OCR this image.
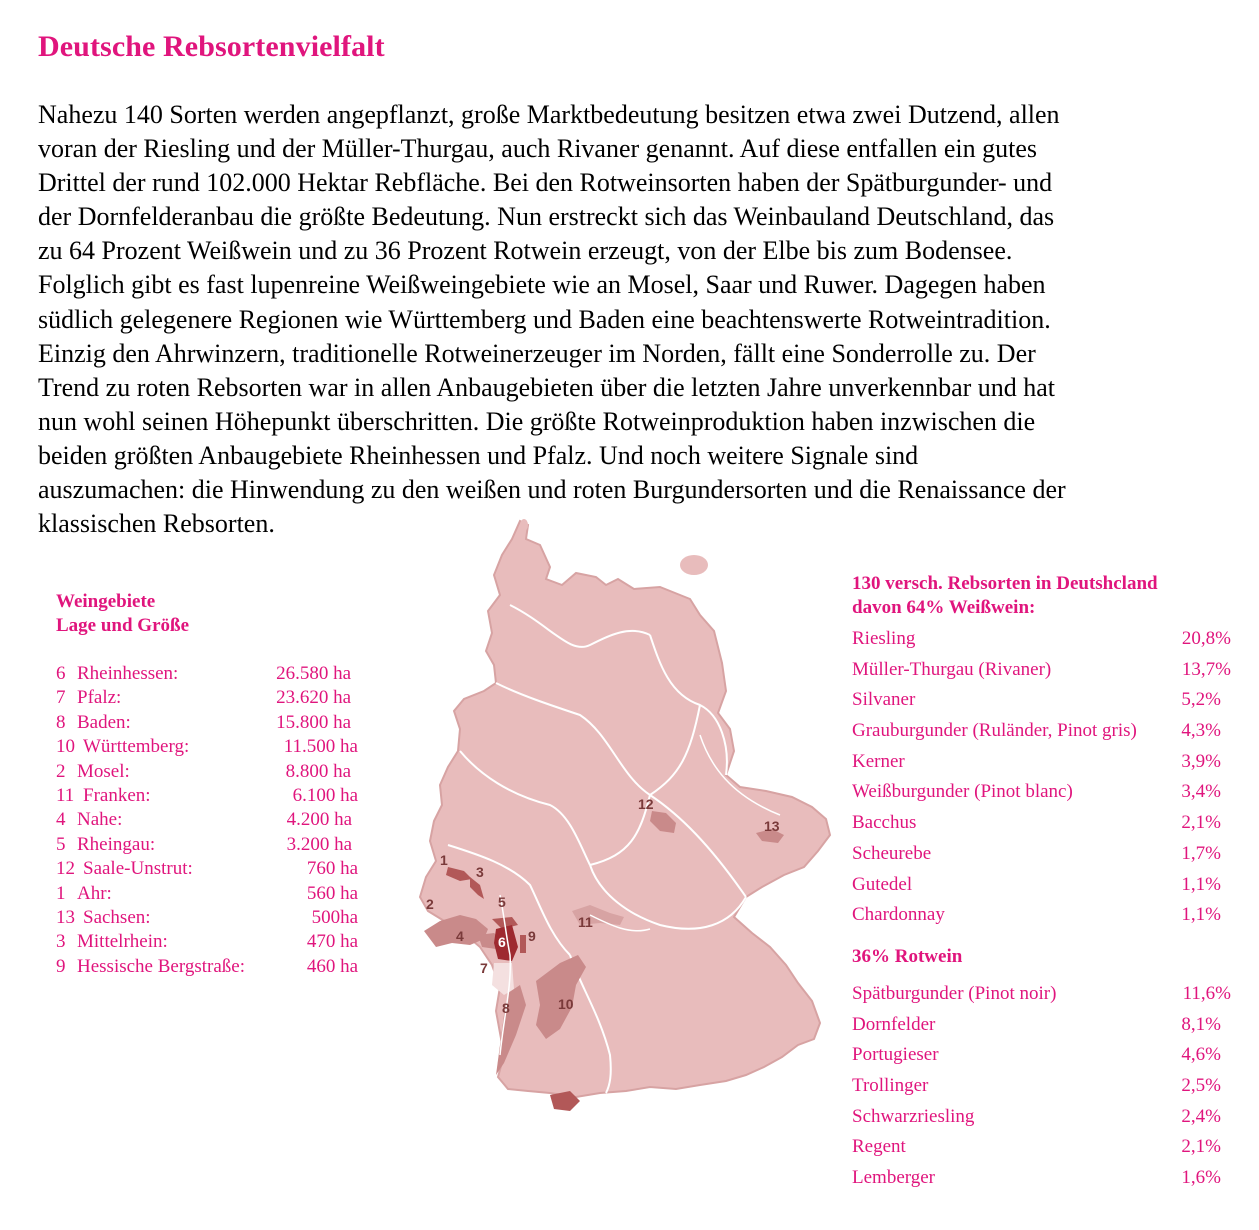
Deutsche Rebsortenvielfalt
Nahezu 140 Sorten werden angepflanzt, große Marktbedeutung besitzen etwa zwei Dutzend, allen
voran der Riesling und der Müller-Thurgau, auch Rivaner genannt. Auf diese entfallen ein gutes
Drittel der rund 102.000 Hektar Rebfläche. Bei den Rotweinsorten haben der Spätburgunder- und
der Dornfelderanbau die größte Bedeutung. Nun erstreckt sich das Weinbauland Deutschland, das
zu 64 Prozent Weißwein und zu 36 Prozent Rotwein erzeugt, von der Elbe bis zum Bodensee.
Folglich gibt es fast lupenreine Weißweingebiete wie an Mosel, Saar und Ruwer. Dagegen haben
südlich gelegenere Regionen wie Württemberg und Baden eine beachtenswerte Rotweintradition.
Einzig den Ahrwinzern, traditionelle Rotweinerzeuger im Norden, fällt eine Sonderrolle zu. Der
Trend zu roten Rebsorten war in allen Anbaugebieten über die letzten Jahre unverkennbar und hat
nun wohl seinen Höhepunkt überschritten. Die größte Rotweinproduktion haben inzwischen die
beiden größten Anbaugebiete Rheinhessen und Pfalz. Und noch weitere Signale sind
auszumachen: die Hinwendung zu den weißen und roten Burgundersorten und die Renaissance der
klassischen Rebsorten.
Weingebiete
Lage und Größe
6 Rheinhessen:	26.580 ha
7 Pfalz:	23.620 ha
8 Baden:	15.800 ha
10 Württemberg:	11.500 ha
2 Mosel:	8.800 ha
11 Franken:	6.100 ha
4 Nahe:	4.200 ha
5 Rheingau:	3.200 ha
12 Saale-Unstrut:	760 ha
1 Ahr:	560 ha
13 Sachsen:	500ha
3 Mittelrhein:	470 ha
9 Hessische Bergstraße:	460 ha
1
2
3
4
5
6
7
8
9
10
11
12
13
130 versch. Rebsorten in Deutshcland
davon 64% Weißwein:
Riesling	20,8%
Müller-Thurgau (Rivaner)	13,7%
Silvaner	5,2%
Grauburgunder (Ruländer, Pinot gris) 4,3%
Kerner	3,9%
Weißburgunder (Pinot blanc)	3,4%
Bacchus	2,1%
Scheurebe	1,7%
Gutedel	1,1%
Chardonnay	1,1%
36% Rotwein
Spätburgunder (Pinot noir)	11,6%
Dornfelder	8,1%
Portugieser	4,6%
Trollinger	2,5%
Schwarzriesling	2,4%
Regent	2,1%
Lemberger	1,6%
